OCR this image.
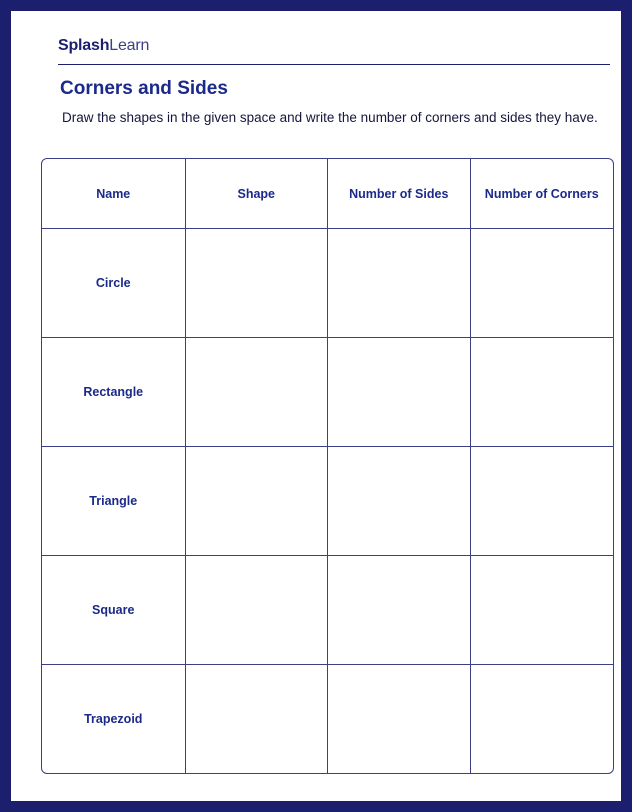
SplashLearn
Corners and Sides
Draw the shapes in the given space and write the number of corners and sides they have.
Name	Shape	Number of Sides	Number of Corners
Circle
Rectangle
Triangle
Square
Trapezoid
